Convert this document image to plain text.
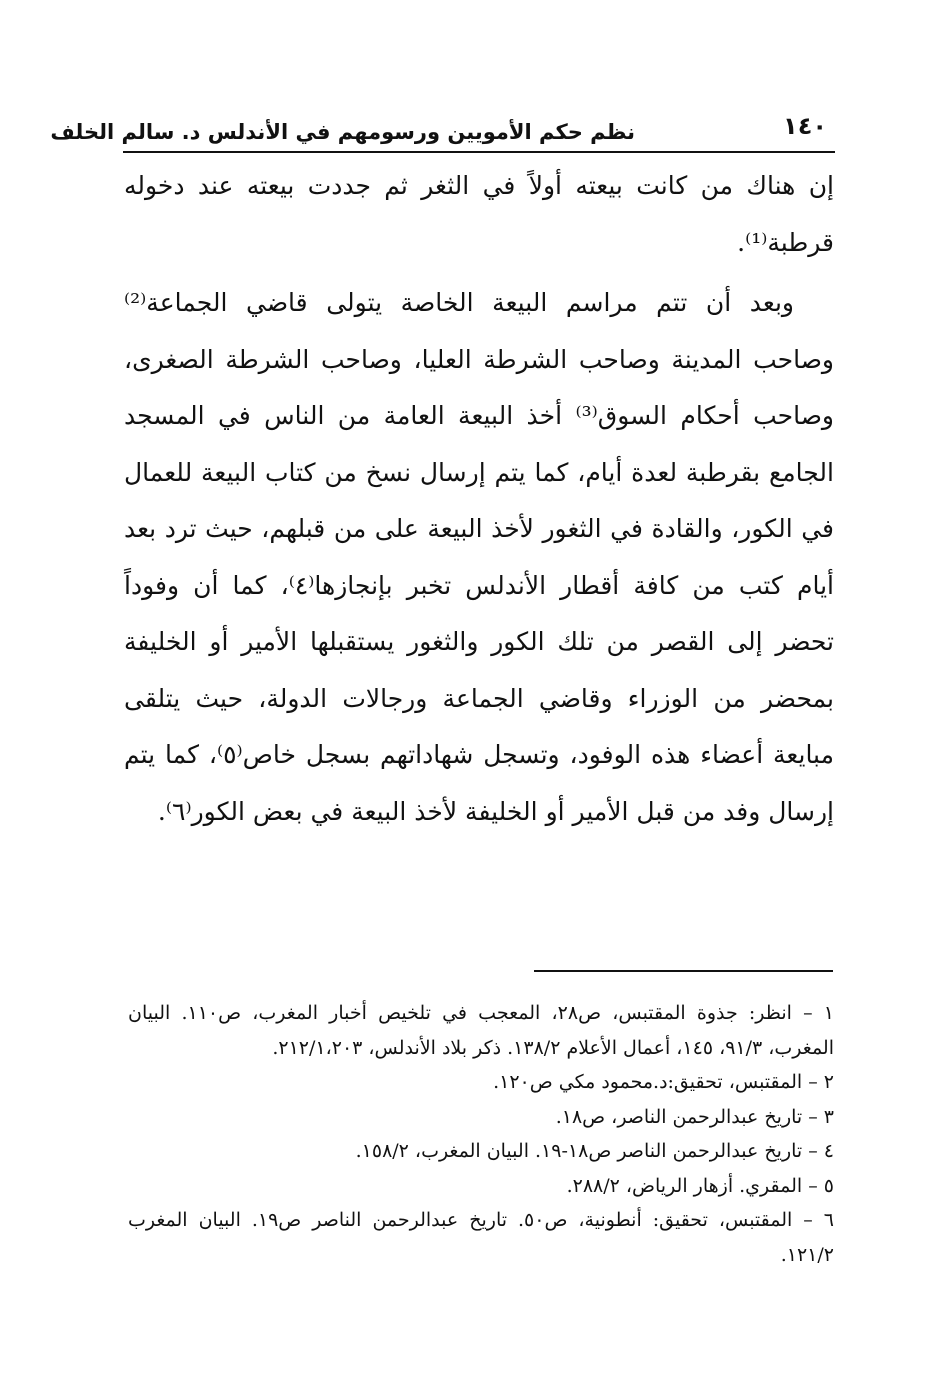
١٤٠
نظم حكم الأمويين ورسومهم في الأندلس د. سالم الخلف

إن هناك من كانت بيعته أولاً في الثغر ثم جددت بيعته عند دخوله قرطبة⁽¹⁾.

وبعد أن تتم مراسم البيعة الخاصة يتولى قاضي الجماعة⁽²⁾ وصاحب المدينة وصاحب الشرطة العليا، وصاحب الشرطة الصغرى، وصاحب أحكام السوق⁽³⁾ أخذ البيعة العامة من الناس في المسجد الجامع بقرطبة لعدة أيام، كما يتم إرسال نسخ من كتاب البيعة للعمال في الكور، والقادة في الثغور لأخذ البيعة على من قبلهم، حيث ترد بعد أيام كتب من كافة أقطار الأندلس تخبر بإنجازها⁽٤⁾، كما أن وفوداً تحضر إلى القصر من تلك الكور والثغور يستقبلها الأمير أو الخليفة بمحضر من الوزراء وقاضي الجماعة ورجالات الدولة، حيث يتلقى مبايعة أعضاء هذه الوفود، وتسجل شهاداتهم بسجل خاص⁽٥⁾، كما يتم إرسال وفد من قبل الأمير أو الخليفة لأخذ البيعة في بعض الكور⁽٦⁾.

١ – انظر: جذوة المقتبس، ص٢٨، المعجب في تلخيص أخبار المغرب، ص١١٠. البيان المغرب، ٩١/٣، ١٤٥، أعمال الأعلام ١٣٨/٢. ذكر بلاد الأندلس، ٢١٢/١،٢٠٣.

٢ – المقتبس، تحقيق:د.محمود مكي ص١٢٠.

٣ – تاريخ عبدالرحمن الناصر، ص١٨.

٤ – تاريخ عبدالرحمن الناصر ص١٨-١٩. البيان المغرب، ١٥٨/٢.

٥ – المقري. أزهار الرياض، ٢٨٨/٢.

٦ – المقتبس، تحقيق: أنطونية، ص٥٠. تاريخ عبدالرحمن الناصر ص١٩. البيان المغرب ١٢١/٢.
